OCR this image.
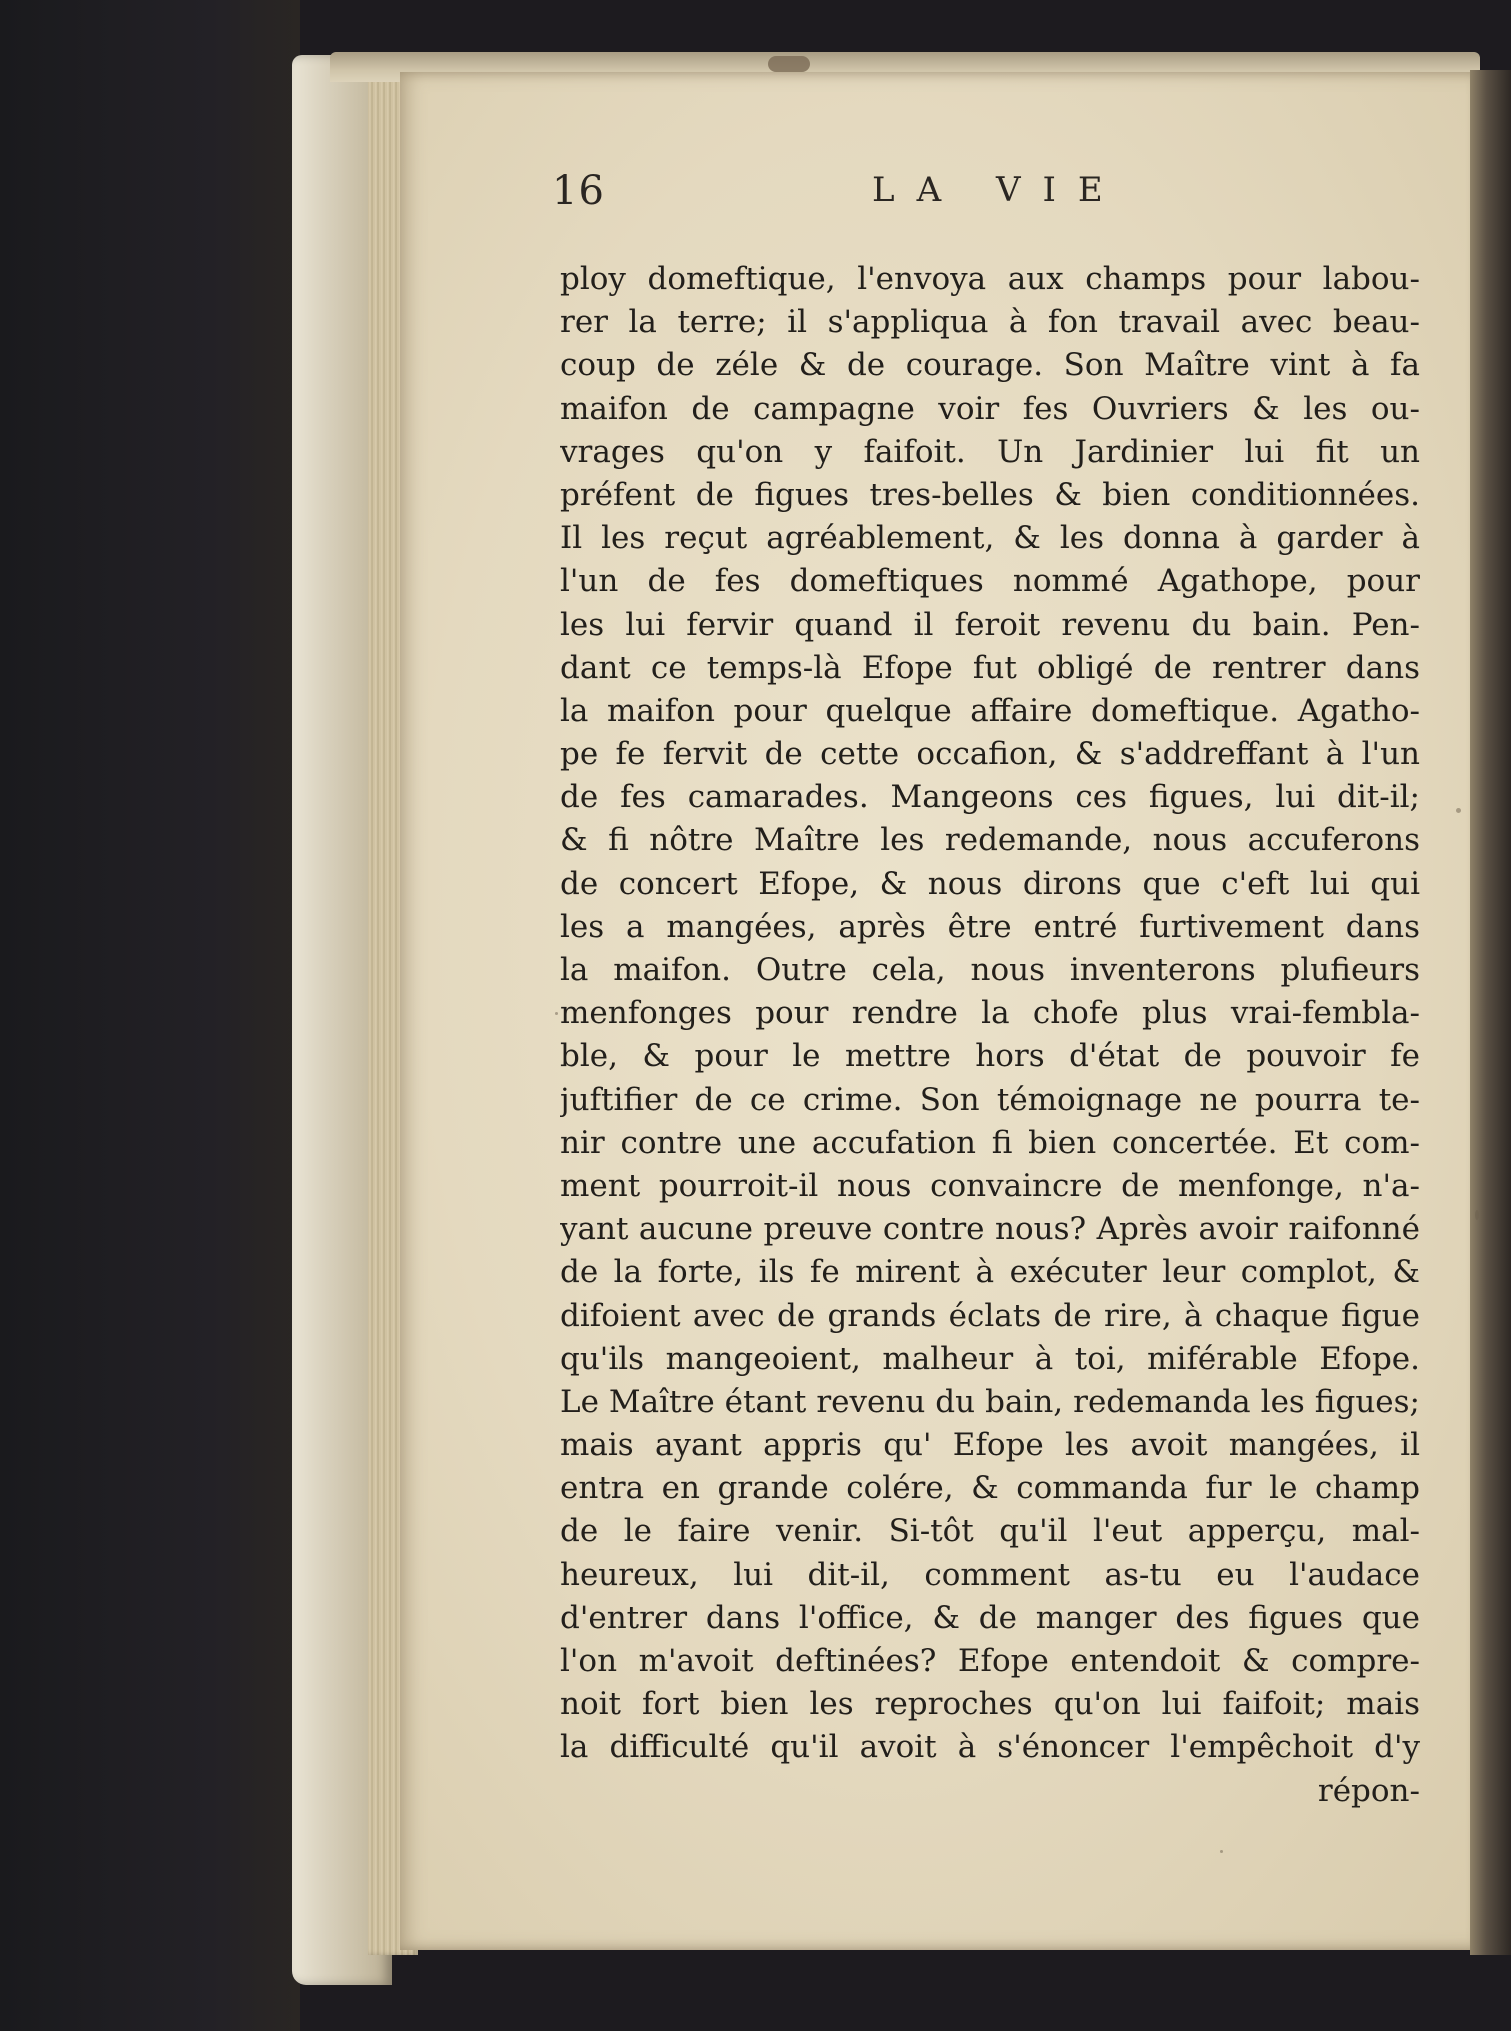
16	LA VIE
ploy domeftique, l'envoya aux champs pour labou-
rer la terre; il s'appliqua à fon travail avec beau-
coup de zéle & de courage. Son Maître vint à fa
maifon de campagne voir fes Ouvriers & les ou-
vrages qu'on y faifoit. Un Jardinier lui fit un
préfent de figues tres-belles & bien conditionnées.
Il les reçut agréablement, & les donna à garder à
l'un de fes domeftiques nommé Agathope, pour
les lui fervir quand il feroit revenu du bain. Pen-
dant ce temps-là Efope fut obligé de rentrer dans
la maifon pour quelque affaire domeftique. Agatho-
pe fe fervit de cette occafion, & s'addreffant à l'un
de fes camarades. Mangeons ces figues, lui dit-il;
& fi nôtre Maître les redemande, nous accuferons
de concert Efope, & nous dirons que c'eft lui qui
les a mangées, après être entré furtivement dans
la maifon. Outre cela, nous inventerons plufieurs
menfonges pour rendre la chofe plus vrai-fembla-
ble, & pour le mettre hors d'état de pouvoir fe
juftifier de ce crime. Son témoignage ne pourra te-
nir contre une accufation fi bien concertée. Et com-
ment pourroit-il nous convaincre de menfonge, n'a-
yant aucune preuve contre nous? Après avoir raifonné
de la forte, ils fe mirent à exécuter leur complot, &
difoient avec de grands éclats de rire, à chaque figue
qu'ils mangeoient, malheur à toi, miférable Efope.
Le Maître étant revenu du bain, redemanda les figues;
mais ayant appris qu' Efope les avoit mangées, il
entra en grande colére, & commanda fur le champ
de le faire venir. Si-tôt qu'il l'eut apperçu, mal-
heureux, lui dit-il, comment as-tu eu l'audace
d'entrer dans l'office, & de manger des figues que
l'on m'avoit deftinées? Efope entendoit & compre-
noit fort bien les reproches qu'on lui faifoit; mais
la difficulté qu'il avoit à s'énoncer l'empêchoit d'y
répon-
